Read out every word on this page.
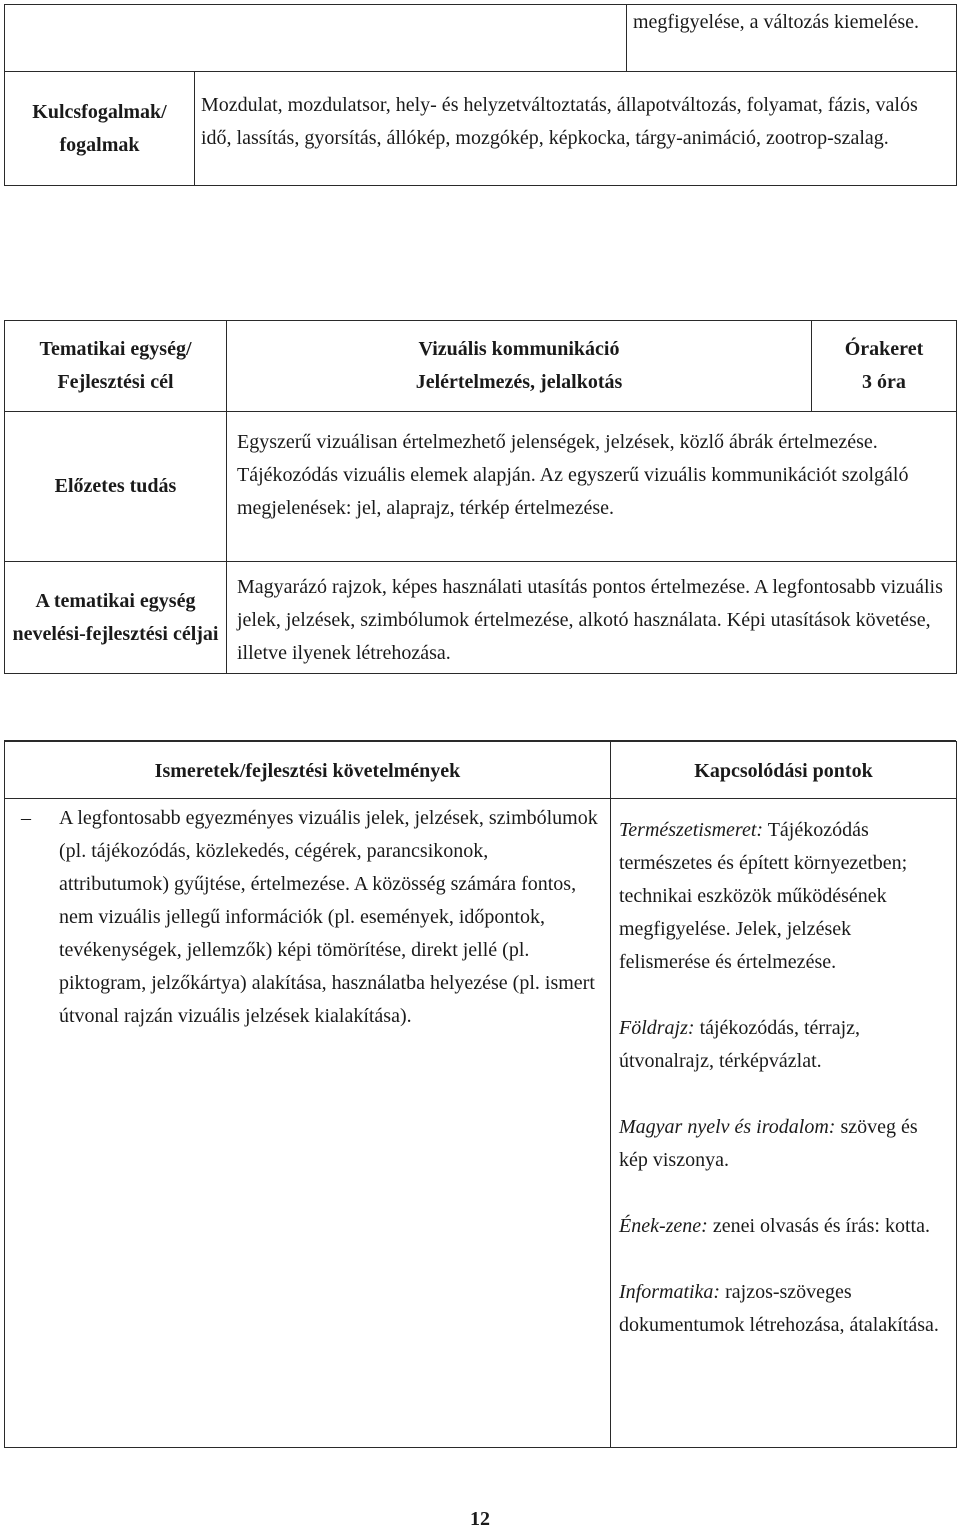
megfigyelése, a változás kiemelése.

Kulcsfogalmak/ fogalmak

Mozdulat, mozdulatsor, hely- és helyzetváltoztatás, állapotváltozás, folyamat, fázis, valós idő, lassítás, gyorsítás, állókép, mozgókép, képkocka, tárgy-animáció, zootrop-szalag.

Tematikai egység/

Fejlesztési cél

Vizuális kommunikáció

Jelértelmezés, jelalkotás

Órakeret

3 óra

Előzetes tudás

Egyszerű vizuálisan értelmezhető jelenségek, jelzések, közlő ábrák értelmezése. Tájékozódás vizuális elemek alapján. Az egyszerű vizuális kommunikációt szolgáló megjelenések: jel, alaprajz, térkép értelmezése.

A tematikai egység nevelési-fejlesztési céljai

Magyarázó rajzok, képes használati utasítás pontos értelmezése. A legfontosabb vizuális jelek, jelzések, szimbólumok értelmezése, alkotó használata. Képi utasítások követése, illetve ilyenek létrehozása.

Ismeretek/fejlesztési követelmények	Kapcsolódási pontok

– A legfontosabb egyezményes vizuális jelek, jelzések, szimbólumok (pl. tájékozódás, közlekedés, cégérek, parancsikonok, attributumok) gyűjtése, értelmezése. A közösség számára fontos, nem vizuális jellegű információk (pl. események, időpontok, tevékenységek, jellemzők) képi tömörítése, direkt jellé (pl. piktogram, jelzőkártya) alakítása, használatba helyezése (pl. ismert útvonal rajzán vizuális jelzések kialakítása).

Természetismeret: Tájékozódás természetes és épített környezetben; technikai eszközök működésének megfigyelése. Jelek, jelzések felismerése és értelmezése.
Földrajz: tájékozódás, térrajz, útvonalrajz, térképvázlat.
Magyar nyelv és irodalom: szöveg és kép viszonya.
Ének-zene: zenei olvasás és írás: kotta.
Informatika: rajzos-szöveges dokumentumok létrehozása, átalakítása.
12
